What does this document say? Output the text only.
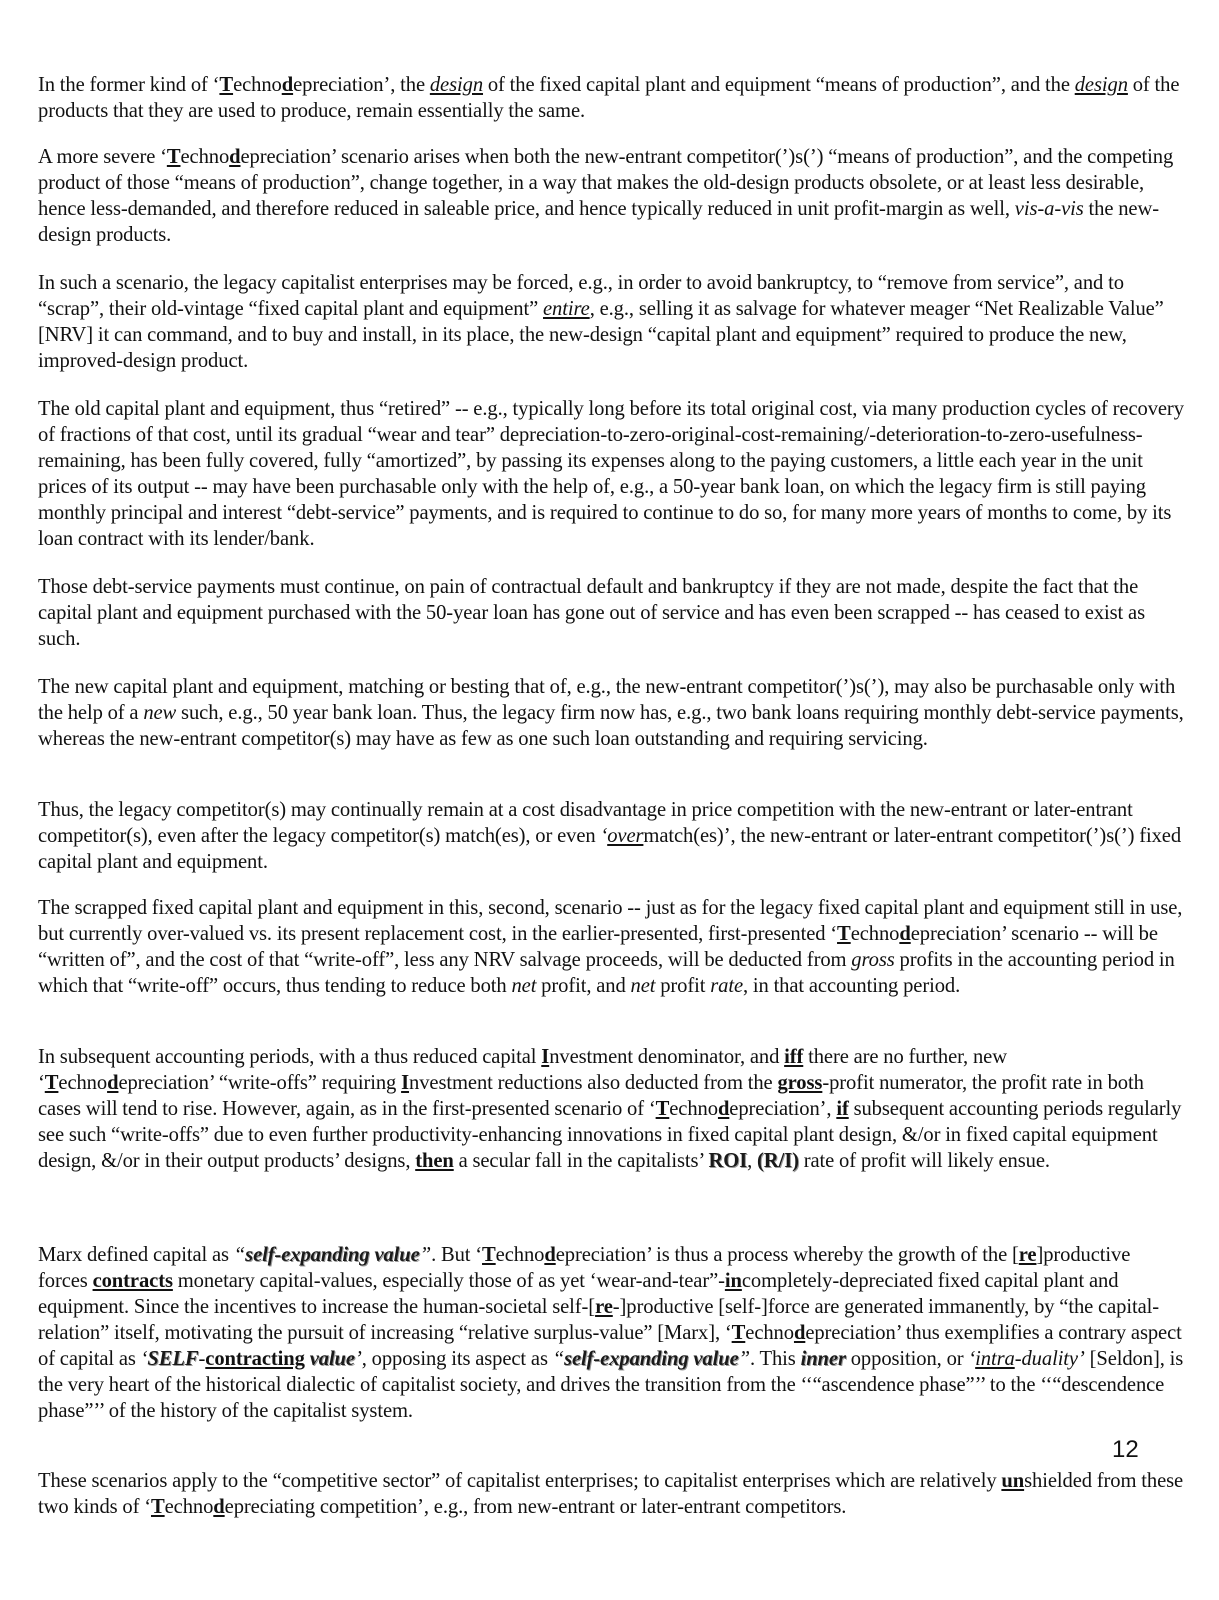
In the former kind of ‘Technodepreciation’, the design of the fixed capital plant and equipment “means of production”, and the design of the products that they are used to produce, remain essentially the same.

A more severe ‘Technodepreciation’ scenario arises when both the new-entrant competitor(’)s(’) “means of production”, and the competing product of those “means of production”, change together, in a way that makes the old-design products obsolete, or at least less desirable, hence less-demanded, and therefore reduced in saleable price, and hence typically reduced in unit profit-margin as well, vis-a-vis the new-design products.

In such a scenario, the legacy capitalist enterprises may be forced, e.g., in order to avoid bankruptcy, to “remove from service”, and to “scrap”, their old-vintage “fixed capital plant and equipment” entire, e.g., selling it as salvage for whatever meager “Net Realizable Value” [NRV] it can command, and to buy and install, in its place, the new-design “capital plant and equipment” required to produce the new, improved-design product.

The old capital plant and equipment, thus “retired” -- e.g., typically long before its total original cost, via many production cycles of recovery of fractions of that cost, until its gradual “wear and tear” depreciation-to-zero-original-cost-remaining/-deterioration-to-zero-usefulness-remaining, has been fully covered, fully “amortized”, by passing its expenses along to the paying customers, a little each year in the unit prices of its output -- may have been purchasable only with the help of, e.g., a 50-year bank loan, on which the legacy firm is still paying monthly principal and interest “debt-service” payments, and is required to continue to do so, for many more years of months to come, by its loan contract with its lender/bank.

Those debt-service payments must continue, on pain of contractual default and bankruptcy if they are not made, despite the fact that the capital plant and equipment purchased with the 50-year loan has gone out of service and has even been scrapped -- has ceased to exist as such.

The new capital plant and equipment, matching or besting that of, e.g., the new-entrant competitor(’)s(’), may also be purchasable only with the help of a new such, e.g., 50 year bank loan. Thus, the legacy firm now has, e.g., two bank loans requiring monthly debt-service payments, whereas the new-entrant competitor(s) may have as few as one such loan outstanding and requiring servicing.

Thus, the legacy competitor(s) may continually remain at a cost disadvantage in price competition with the new-entrant or later-entrant competitor(s), even after the legacy competitor(s) match(es), or even ‘overmatch(es)’, the new-entrant or later-entrant competitor(’)s(’) fixed capital plant and equipment.

The scrapped fixed capital plant and equipment in this, second, scenario -- just as for the legacy fixed capital plant and equipment still in use, but currently over-valued vs. its present replacement cost, in the earlier-presented, first-presented ‘Technodepreciation’ scenario -- will be “written of”, and the cost of that “write-off”, less any NRV salvage proceeds, will be deducted from gross profits in the accounting period in which that “write-off” occurs, thus tending to reduce both net profit, and net profit rate, in that accounting period.

In subsequent accounting periods, with a thus reduced capital Investment denominator, and iff there are no further, new ‘Technodepreciation’ “write-offs” requiring Investment reductions also deducted from the gross-profit numerator, the profit rate in both cases will tend to rise. However, again, as in the first-presented scenario of ‘Technodepreciation’, if subsequent accounting periods regularly see such “write-offs” due to even further productivity-enhancing innovations in fixed capital plant design, &/or in fixed capital equipment design, &/or in their output products’ designs, then a secular fall in the capitalists’ ROI, (R/I) rate of profit will likely ensue.

Marx defined capital as “self-expanding value”. But ‘Technodepreciation’ is thus a process whereby the growth of the [re]productive forces contracts monetary capital-values, especially those of as yet ‘wear-and-tear”-incompletely-depreciated fixed capital plant and equipment. Since the incentives to increase the human-societal self-[re-]productive [self-]force are generated immanently, by “the capital-relation” itself, motivating the pursuit of increasing “relative surplus-value” [Marx], ‘Technodepreciation’ thus exemplifies a contrary aspect of capital as ‘SELF-contracting value’, opposing its aspect as “self-expanding value”. This inner opposition, or ‘intra-duality’ [Seldon], is the very heart of the historical dialectic of capitalist society, and drives the transition from the ‘‘“ascendence phase”’’ to the ‘‘“descendence phase”’’ of the history of the capitalist system.

These scenarios apply to the “competitive sector” of capitalist enterprises; to capitalist enterprises which are relatively unshielded from these two kinds of ‘Technodepreciating competition’, e.g., from new-entrant or later-entrant competitors.

12
